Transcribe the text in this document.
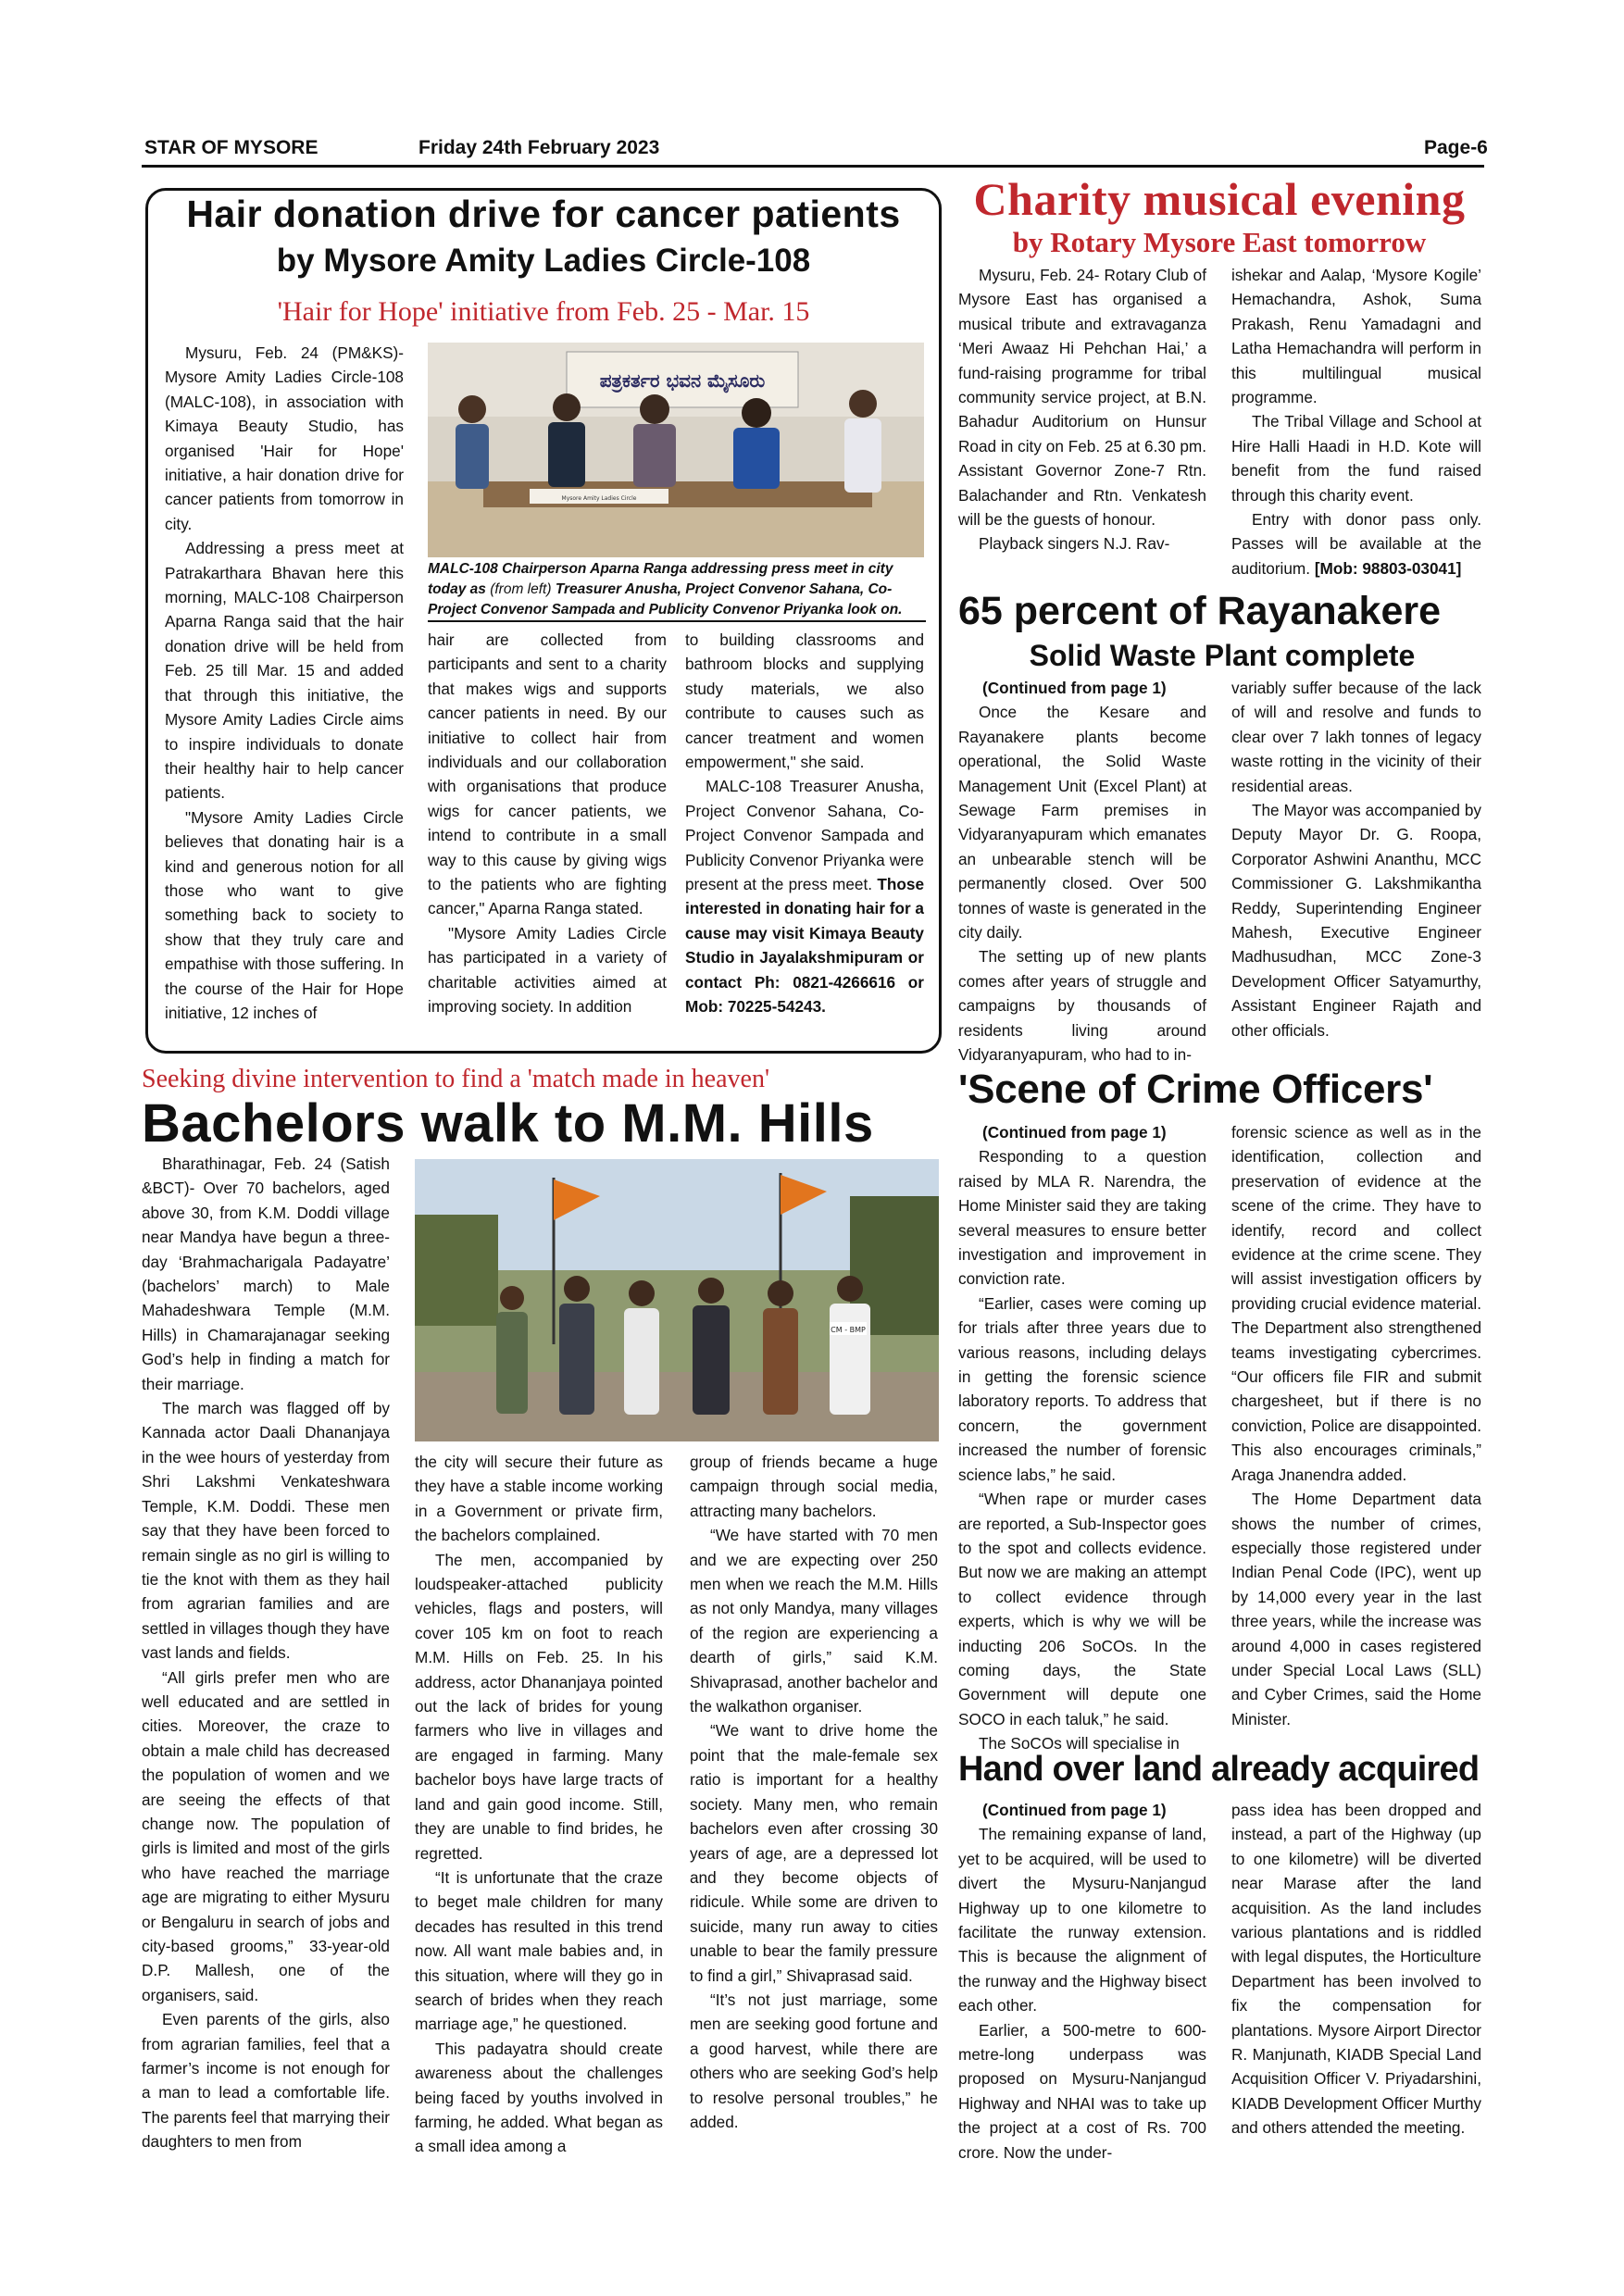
STAR OF MYSORE	Friday 24th February 2023	Page-6
Hair donation drive for cancer patients
by Mysore Amity Ladies Circle-108
'Hair for Hope' initiative from Feb. 25 - Mar. 15

Mysuru, Feb. 24 (PM&KS)- Mysore Amity Ladies Circle-108 (MALC-108), in association with Kimaya Beauty Studio, has organised 'Hair for Hope' initiative, a hair donation drive for cancer patients from tomorrow in city.

Addressing a press meet at Patrakarthara Bhavan here this morning, MALC-108 Chairperson Aparna Ranga said that the hair donation drive will be held from Feb. 25 till Mar. 15 and added that through this initiative, the Mysore Amity Ladies Circle aims to inspire individuals to donate their healthy hair to help cancer patients.

"Mysore Amity Ladies Circle believes that donating hair is a kind and generous notion for all those who want to give something back to society to show that they truly care and empathise with those suffering. In the course of the Hair for Hope initiative, 12 inches of

ಪತ್ರಕರ್ತರ ಭವನ ಮೈಸೂರು
Mysore Amity Ladies Circle
MALC-108 Chairperson Aparna Ranga addressing press meet in city today as (from left) Treasurer Anusha, Project Convenor Sahana, Co-Project Convenor Sampada and Publicity Convenor Priyanka look on.

hair are collected from participants and sent to a charity that makes wigs and supports cancer patients in need. By our initiative to collect hair from individuals and our collaboration with organisations that produce wigs for cancer patients, we intend to contribute in a small way to this cause by giving wigs to the patients who are fighting cancer," Aparna Ranga stated.

"Mysore Amity Ladies Circle has participated in a variety of charitable activities aimed at improving society. In addition

to building classrooms and bathroom blocks and supplying study materials, we also contribute to causes such as cancer treatment and women empowerment," she said.

MALC-108 Treasurer Anusha, Project Convenor Sahana, Co-Project Convenor Sampada and Publicity Convenor Priyanka were present at the press meet. Those interested in donating hair for a cause may visit Kimaya Beauty Studio in Jayalakshmipuram or contact Ph: 0821-4266616 or Mob: 70225-54243.

Charity musical evening
by Rotary Mysore East tomorrow

Mysuru, Feb. 24- Rotary Club of Mysore East has organised a musical tribute and extravaganza ‘Meri Awaaz Hi Pehchan Hai,’ a fund-raising programme for tribal community service project, at B.N. Bahadur Auditorium on Hunsur Road in city on Feb. 25 at 6.30 pm. Assistant Governor Zone-7 Rtn. Balachander and Rtn. Venkatesh will be the guests of honour.

Playback singers N.J. Rav-

ishekar and Aalap, ‘Mysore Kogile’ Hemachandra, Ashok, Suma Prakash, Renu Yamadagni and Latha Hemachandra will perform in this multilingual musical programme.

The Tribal Village and School at Hire Halli Haadi in H.D. Kote will benefit from the fund raised through this charity event.

Entry with donor pass only. Passes will be available at the auditorium. [Mob: 98803-03041]

65 percent of Rayanakere
Solid Waste Plant complete

(Continued from page 1)

Once the Kesare and Rayanakere plants become operational, the Solid Waste Management Unit (Excel Plant) at Sewage Farm premises in Vidyaranyapuram which emanates an unbearable stench will be permanently closed. Over 500 tonnes of waste is generated in the city daily.

The setting up of new plants comes after years of struggle and campaigns by thousands of residents living around Vidyaranyapuram, who had to in-

variably suffer because of the lack of will and resolve and funds to clear over 7 lakh tonnes of legacy waste rotting in the vicinity of their residential areas.

The Mayor was accompanied by Deputy Mayor Dr. G. Roopa, Corporator Ashwini Ananthu, MCC Commissioner G. Lakshmikantha Reddy, Superintending Engineer Mahesh, Executive Engineer Madhusudhan, MCC Zone-3 Development Officer Satyamurthy, Assistant Engineer Rajath and other officials.

Seeking divine intervention to find a 'match made in heaven'
Bachelors walk to M.M. Hills

Bharathinagar, Feb. 24 (Satish &BCT)- Over 70 bachelors, aged above 30, from K.M. Doddi village near Mandya have begun a three-day ‘Brahmacharigala Padayatre’ (bachelors’ march) to Male Mahadeshwara Temple (M.M. Hills) in Chamarajanagar seeking God’s help in finding a match for their marriage.

The march was flagged off by Kannada actor Daali Dhananjaya in the wee hours of yesterday from Shri Lakshmi Venkateshwara Temple, K.M. Doddi. These men say that they have been forced to remain single as no girl is willing to tie the knot with them as they hail from agrarian families and are settled in villages though they have vast lands and fields.

“All girls prefer men who are well educated and are settled in cities. Moreover, the craze to obtain a male child has decreased the population of women and we are seeing the effects of that change now. The population of girls is limited and most of the girls who have reached the marriage age are migrating to either Mysuru or Bengaluru in search of jobs and city-based grooms,” 33-year-old D.P. Mallesh, one of the organisers, said.

Even parents of the girls, also from agrarian families, feel that a farmer’s income is not enough for a man to lead a comfortable life. The parents feel that marrying their daughters to men from

CM - BMP

the city will secure their future as they have a stable income working in a Government or private firm, the bachelors complained.

The men, accompanied by loudspeaker-attached publicity vehicles, flags and posters, will cover 105 km on foot to reach M.M. Hills on Feb. 25. In his address, actor Dhananjaya pointed out the lack of brides for young farmers who live in villages and are engaged in farming. Many bachelor boys have large tracts of land and gain good income. Still, they are unable to find brides, he regretted.

“It is unfortunate that the craze to beget male children for many decades has resulted in this trend now. All want male babies and, in this situation, where will they go in search of brides when they reach marriage age,” he questioned.

This padayatra should create awareness about the challenges being faced by youths involved in farming, he added. What began as a small idea among a

group of friends became a huge campaign through social media, attracting many bachelors.

“We have started with 70 men and we are expecting over 250 men when we reach the M.M. Hills as not only Mandya, many villages of the region are experiencing a dearth of girls,” said K.M. Shivaprasad, another bachelor and the walkathon organiser.

“We want to drive home the point that the male-female sex ratio is important for a healthy society. Many men, who remain bachelors even after crossing 30 years of age, are a depressed lot and they become objects of ridicule. While some are driven to suicide, many run away to cities unable to bear the family pressure to find a girl,” Shivaprasad said.

“It’s not just marriage, some men are seeking good fortune and a good harvest, while there are others who are seeking God’s help to resolve personal troubles,” he added.

'Scene of Crime Officers'

(Continued from page 1)

Responding to a question raised by MLA R. Narendra, the Home Minister said they are taking several measures to ensure better investigation and improvement in conviction rate.

“Earlier, cases were coming up for trials after three years due to various reasons, including delays in getting the forensic science laboratory reports. To address that concern, the government increased the number of forensic science labs,” he said.

“When rape or murder cases are reported, a Sub-Inspector goes to the spot and collects evidence. But now we are making an attempt to collect evidence through experts, which is why we will be inducting 206 SoCOs. In the coming days, the State Government will depute one SOCO in each taluk,” he said.

The SoCOs will specialise in

forensic science as well as in the identification, collection and preservation of evidence at the scene of the crime. They have to identify, record and collect evidence at the crime scene. They will assist investigation officers by providing crucial evidence material. The Department also strengthened teams investigating cybercrimes. “Our officers file FIR and submit chargesheet, but if there is no conviction, Police are disappointed. This also encourages criminals,” Araga Jnanendra added.

The Home Department data shows the number of crimes, especially those registered under Indian Penal Code (IPC), went up by 14,000 every year in the last three years, while the increase was around 4,000 in cases registered under Special Local Laws (SLL) and Cyber Crimes, said the Home Minister.

Hand over land already acquired

(Continued from page 1)

The remaining expanse of land, yet to be acquired, will be used to divert the Mysuru-Nanjangud Highway up to one kilometre to facilitate the runway extension. This is because the alignment of the runway and the Highway bisect each other.

Earlier, a 500-metre to 600-metre-long underpass was proposed on Mysuru-Nanjangud Highway and NHAI was to take up the project at a cost of Rs. 700 crore. Now the under-

pass idea has been dropped and instead, a part of the Highway (up to one kilometre) will be diverted near Marase after the land acquisition. As the land includes various plantations and is riddled with legal disputes, the Horticulture Department has been involved to fix the compensation for plantations. Mysore Airport Director R. Manjunath, KIADB Special Land Acquisition Officer V. Priyadarshini, KIADB Development Officer Murthy and others attended the meeting.
